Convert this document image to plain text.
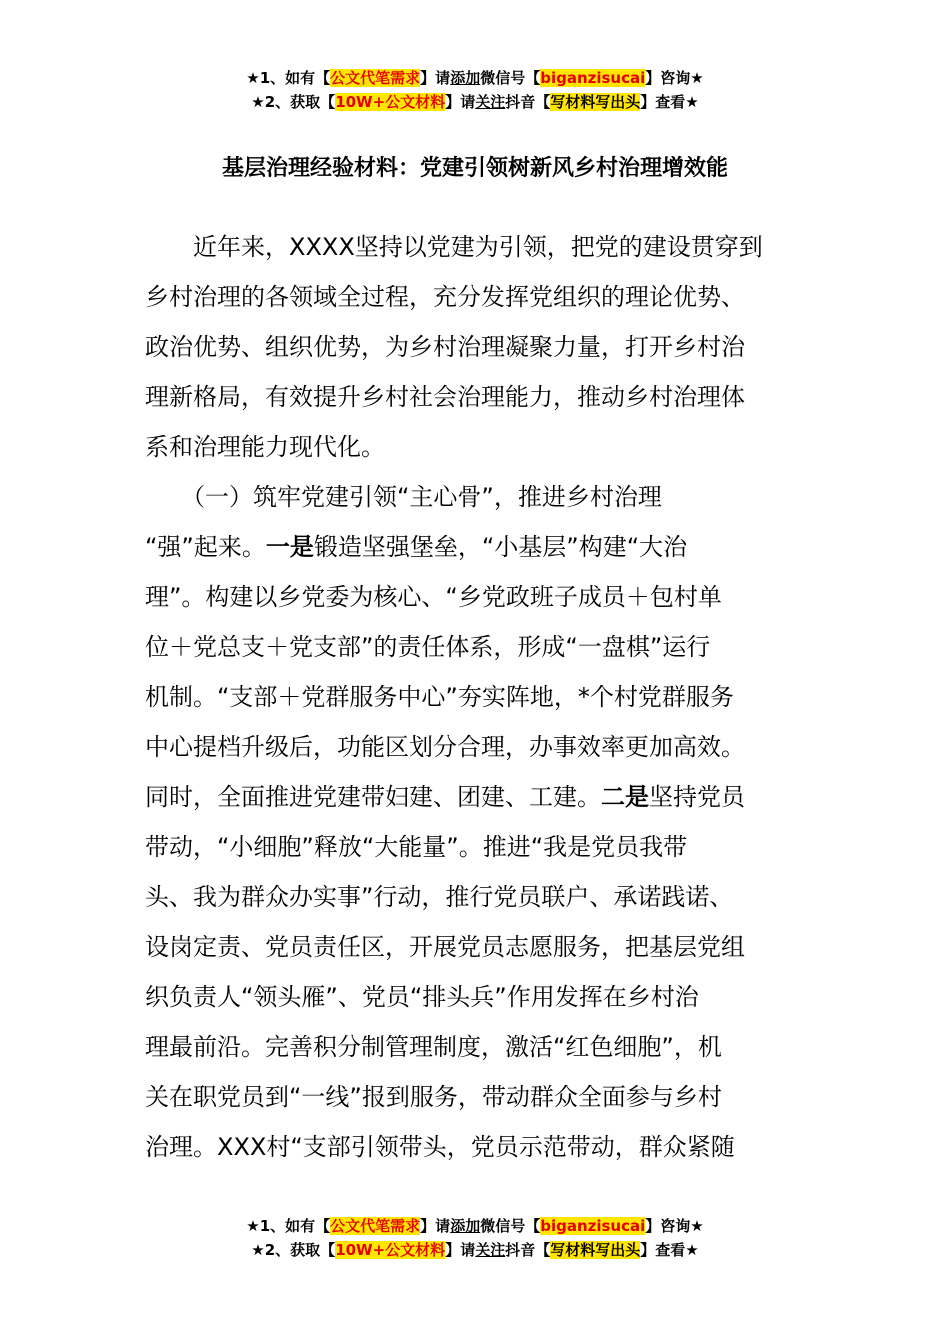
★1、如有【公文代笔需求】请添加微信号【biganzisucai】咨询★
★2、获取【10W+公文材料】请关注抖音【写材料写出头】查看★
基层治理经验材料：党建引领树新风乡村治理增效能
　　近年来，XXXX坚持以党建为引领，把党的建设贯穿到
乡村治理的各领域全过程，充分发挥党组织的理论优势、
政治优势、组织优势，为乡村治理凝聚力量，打开乡村治
理新格局，有效提升乡村社会治理能力，推动乡村治理体
系和治理能力现代化。
　　（一）筑牢党建引领“主心骨”，推进乡村治理
“强”起来。一是锻造坚强堡垒，“小基层”构建“大治
理”。构建以乡党委为核心、“乡党政班子成员＋包村单
位＋党总支＋党支部”的责任体系，形成“一盘棋”运行
机制。“支部＋党群服务中心”夯实阵地，*个村党群服务
中心提档升级后，功能区划分合理，办事效率更加高效。
同时，全面推进党建带妇建、团建、工建。二是坚持党员
带动，“小细胞”释放“大能量”。推进“我是党员我带
头、我为群众办实事”行动，推行党员联户、承诺践诺、
设岗定责、党员责任区，开展党员志愿服务，把基层党组
织负责人“领头雁”、党员“排头兵”作用发挥在乡村治
理最前沿。完善积分制管理制度，激活“红色细胞”，机
关在职党员到“一线”报到服务，带动群众全面参与乡村
治理。XXX村“支部引领带头，党员示范带动，群众紧随
★1、如有【公文代笔需求】请添加微信号【biganzisucai】咨询★
★2、获取【10W+公文材料】请关注抖音【写材料写出头】查看★
